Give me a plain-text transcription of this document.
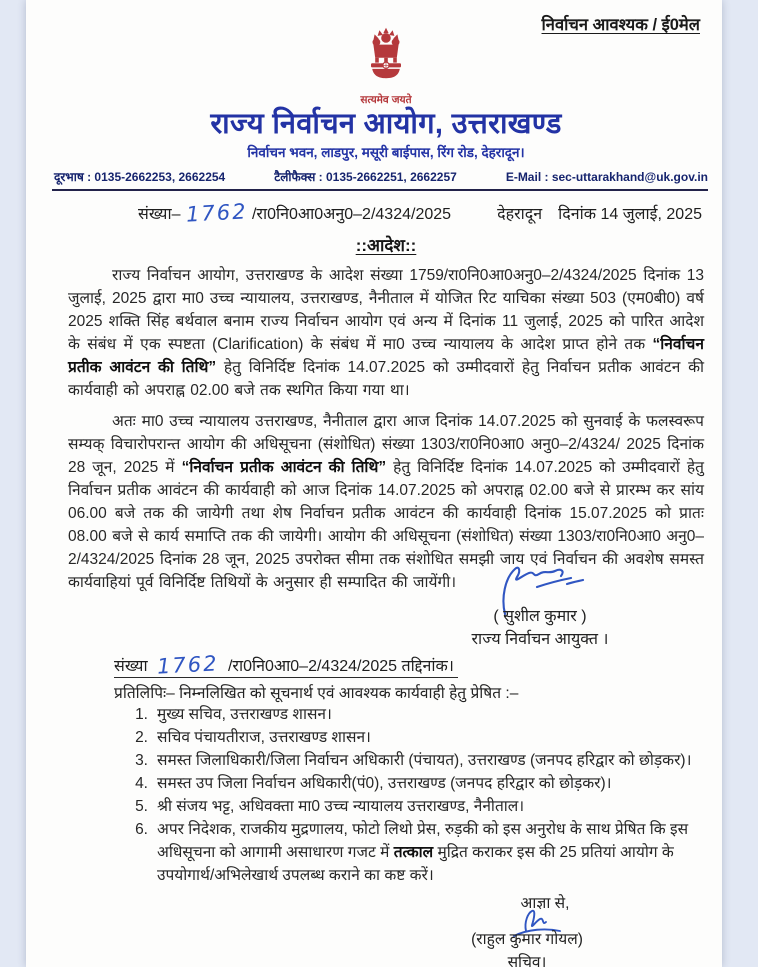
निर्वाचन आवश्यक / ई0मेल
सत्यमेव जयते
राज्य निर्वाचन आयोग, उत्तराखण्ड
निर्वाचन भवन, लाडपुर, मसूरी बाईपास, रिंग रोड, देहरादून।
दूरभाष : 0135-2662253, 2662254	टैलीफैक्स : 0135-2662251, 2662257	E-Mail : sec-uttarakhand@uk.gov.in
संख्या– 1762 /रा0नि0आ0अनु0–2/4324/2025	देहरादून दिनांक 14 जुलाई, 2025
::आदेश::
राज्य निर्वाचन आयोग, उत्तराखण्ड के आदेश संख्या 1759/रा0नि0आ0अनु0–2/4324/2025 दिनांक 13 जुलाई, 2025 द्वारा मा0 उच्च न्यायालय, उत्तराखण्ड, नैनीताल में योजित रिट याचिका संख्या 503 (एम0बी0) वर्ष 2025 शक्ति सिंह बर्थवाल बनाम राज्य निर्वाचन आयोग एवं अन्य में दिनांक 11 जुलाई, 2025 को पारित आदेश के संबंध में एक स्पष्टता (Clarification) के संबंध में मा0 उच्च न्यायालय के आदेश प्राप्त होने तक “निर्वाचन प्रतीक आवंटन की तिथि” हेतु विनिर्दिष्ट दिनांक 14.07.2025 को उम्मीदवारों हेतु निर्वाचन प्रतीक आवंटन की कार्यवाही को अपराह्न 02.00 बजे तक स्थगित किया गया था।
अतः मा0 उच्च न्यायालय उत्तराखण्ड, नैनीताल द्वारा आज दिनांक 14.07.2025 को सुनवाई के फलस्वरूप सम्यक् विचारोपरान्त आयोग की अधिसूचना (संशोधित) संख्या 1303/रा0नि0आ0 अनु0–2/4324/ 2025 दिनांक 28 जून, 2025 में “निर्वाचन प्रतीक आवंटन की तिथि” हेतु विनिर्दिष्ट दिनांक 14.07.2025 को उम्मीदवारों हेतु निर्वाचन प्रतीक आवंटन की कार्यवाही को आज दिनांक 14.07.2025 को अपराह्न 02.00 बजे से प्रारम्भ कर सांय 06.00 बजे तक की जायेगी तथा शेष निर्वाचन प्रतीक आवंटन की कार्यवाही दिनांक 15.07.2025 को प्रातः 08.00 बजे से कार्य समाप्ति तक की जायेगी। आयोग की अधिसूचना (संशोधित) संख्या 1303/रा0नि0आ0 अनु0–2/4324/2025 दिनांक 28 जून, 2025 उपरोक्त सीमा तक संशोधित समझी जाय एवं निर्वाचन की अवशेष समस्त कार्यवाहियां पूर्व विनिर्दिष्ट तिथियों के अनुसार ही सम्पादित की जायेंगी।
( सुशील कुमार )
राज्य निर्वाचन आयुक्त ।
संख्या 1762 /रा0नि0आ0–2/4324/2025 तद्दिनांक।
प्रतिलिपिः– निम्नलिखित को सूचनार्थ एवं आवश्यक कार्यवाही हेतु प्रेषित :–
1. मुख्य सचिव, उत्तराखण्ड शासन।
2. सचिव पंचायतीराज, उत्तराखण्ड शासन।
3. समस्त जिलाधिकारी/जिला निर्वाचन अधिकारी (पंचायत), उत्तराखण्ड (जनपद हरिद्वार को छोड़कर)।
4. समस्त उप जिला निर्वाचन अधिकारी(पं0), उत्तराखण्ड (जनपद हरिद्वार को छोड़कर)।
5. श्री संजय भट्ट, अधिवक्ता मा0 उच्च न्यायालय उत्तराखण्ड, नैनीताल।
6. अपर निदेशक, राजकीय मुद्रणालय, फोटो लिथो प्रेस, रुड़की को इस अनुरोध के साथ प्रेषित कि इस अधिसूचना को आगामी असाधारण गजट में तत्काल मुद्रित कराकर इस की 25 प्रतियां आयोग के उपयोगार्थ/अभिलेखार्थ उपलब्ध कराने का कष्ट करें।
आज्ञा से,
(राहुल कुमार गोयल)
सचिव।
